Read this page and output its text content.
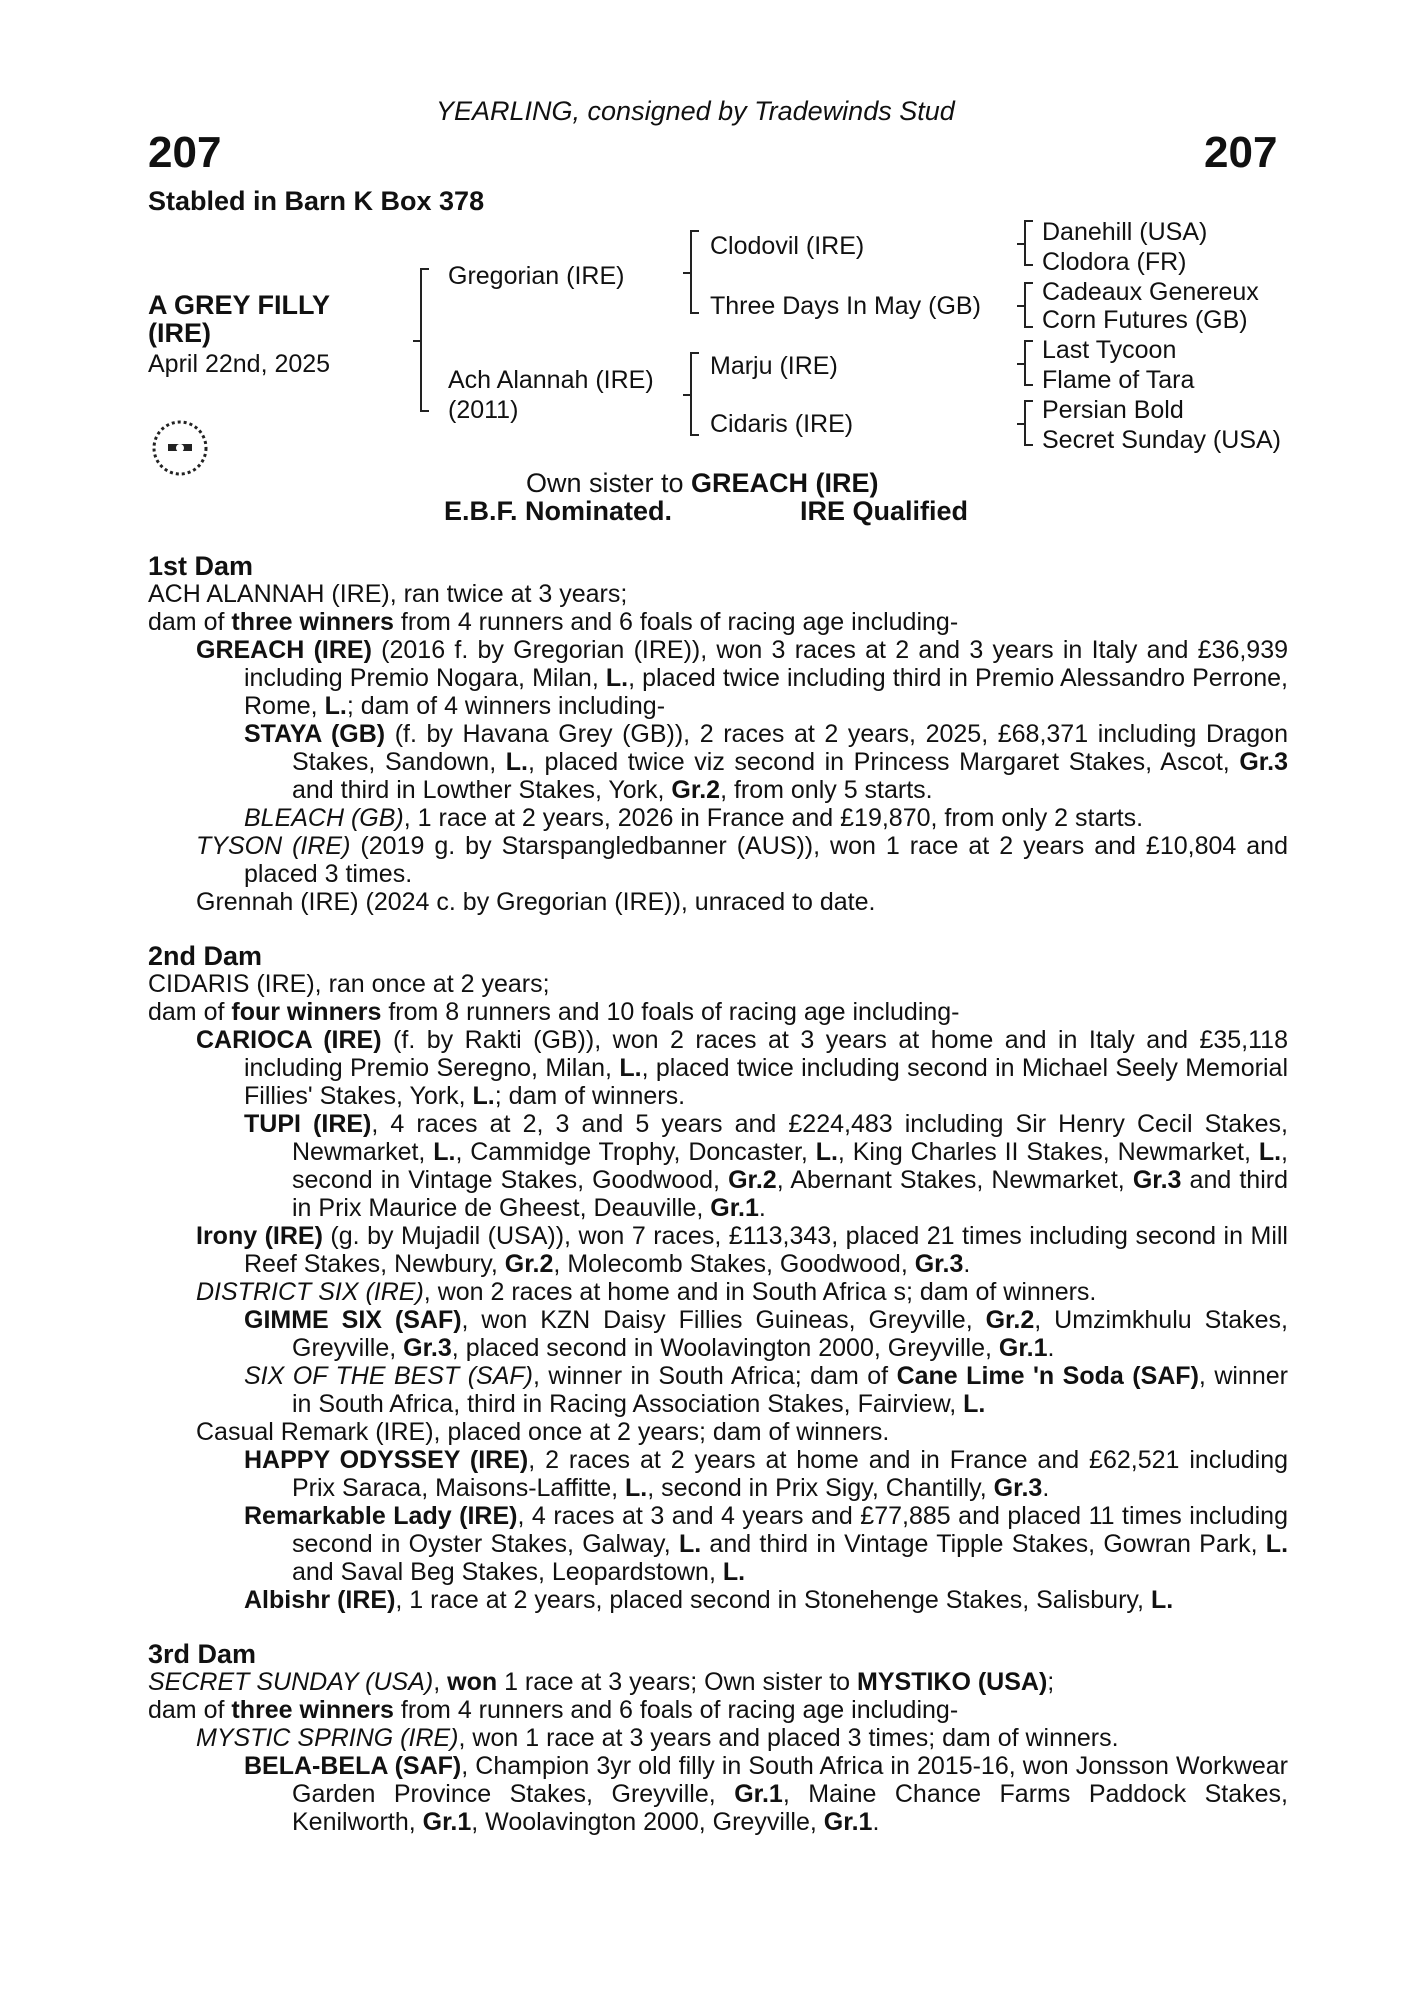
YEARLING, consigned by Tradewinds Stud
207	207
Stabled in Barn K Box 378
A GREY FILLY
(IRE)
April 22nd, 2025
Gregorian (IRE)
Ach Alannah (IRE)
(2011)
Clodovil (IRE)
Three Days In May (GB)
Marju (IRE)
Cidaris (IRE)
Danehill (USA)
Clodora (FR)
Cadeaux Genereux
Corn Futures (GB)
Last Tycoon
Flame of Tara
Persian Bold
Secret Sunday (USA)
Own sister to GREACH (IRE)
E.B.F. Nominated.	IRE Qualified

1st Dam

ACH ALANNAH (IRE), ran twice at 3 years;

dam of three winners from 4 runners and 6 foals of racing age including-

GREACH (IRE) (2016 f. by Gregorian (IRE)), won 3 races at 2 and 3 years in Italy and £36,939 including Premio Nogara, Milan, L., placed twice including third in Premio Alessandro Perrone, Rome, L.; dam of 4 winners including-

STAYA (GB) (f. by Havana Grey (GB)), 2 races at 2 years, 2025, £68,371 including Dragon Stakes, Sandown, L., placed twice viz second in Princess Margaret Stakes, Ascot, Gr.3 and third in Lowther Stakes, York, Gr.2, from only 5 starts.

BLEACH (GB), 1 race at 2 years, 2026 in France and £19,870, from only 2 starts.

TYSON (IRE) (2019 g. by Starspangledbanner (AUS)), won 1 race at 2 years and £10,804 and placed 3 times.

Grennah (IRE) (2024 c. by Gregorian (IRE)), unraced to date.

2nd Dam

CIDARIS (IRE), ran once at 2 years;

dam of four winners from 8 runners and 10 foals of racing age including-

CARIOCA (IRE) (f. by Rakti (GB)), won 2 races at 3 years at home and in Italy and £35,118 including Premio Seregno, Milan, L., placed twice including second in Michael Seely Memorial Fillies' Stakes, York, L.; dam of winners.

TUPI (IRE), 4 races at 2, 3 and 5 years and £224,483 including Sir Henry Cecil Stakes, Newmarket, L., Cammidge Trophy, Doncaster, L., King Charles II Stakes, Newmarket, L., second in Vintage Stakes, Goodwood, Gr.2, Abernant Stakes, Newmarket, Gr.3 and third in Prix Maurice de Gheest, Deauville, Gr.1.

Irony (IRE) (g. by Mujadil (USA)), won 7 races, £113,343, placed 21 times including second in Mill Reef Stakes, Newbury, Gr.2, Molecomb Stakes, Goodwood, Gr.3.

DISTRICT SIX (IRE), won 2 races at home and in South Africa s; dam of winners.

GIMME SIX (SAF), won KZN Daisy Fillies Guineas, Greyville, Gr.2, Umzimkhulu Stakes, Greyville, Gr.3, placed second in Woolavington 2000, Greyville, Gr.1.

SIX OF THE BEST (SAF), winner in South Africa; dam of Cane Lime 'n Soda (SAF), winner in South Africa, third in Racing Association Stakes, Fairview, L.

Casual Remark (IRE), placed once at 2 years; dam of winners.

HAPPY ODYSSEY (IRE), 2 races at 2 years at home and in France and £62,521 including Prix Saraca, Maisons-Laffitte, L., second in Prix Sigy, Chantilly, Gr.3.

Remarkable Lady (IRE), 4 races at 3 and 4 years and £77,885 and placed 11 times including second in Oyster Stakes, Galway, L. and third in Vintage Tipple Stakes, Gowran Park, L. and Saval Beg Stakes, Leopardstown, L.

Albishr (IRE), 1 race at 2 years, placed second in Stonehenge Stakes, Salisbury, L.

3rd Dam

SECRET SUNDAY (USA), won 1 race at 3 years; Own sister to MYSTIKO (USA);

dam of three winners from 4 runners and 6 foals of racing age including-

MYSTIC SPRING (IRE), won 1 race at 3 years and placed 3 times; dam of winners.

BELA-BELA (SAF), Champion 3yr old filly in South Africa in 2015-16, won Jonsson Workwear Garden Province Stakes, Greyville, Gr.1, Maine Chance Farms Paddock Stakes, Kenilworth, Gr.1, Woolavington 2000, Greyville, Gr.1.
